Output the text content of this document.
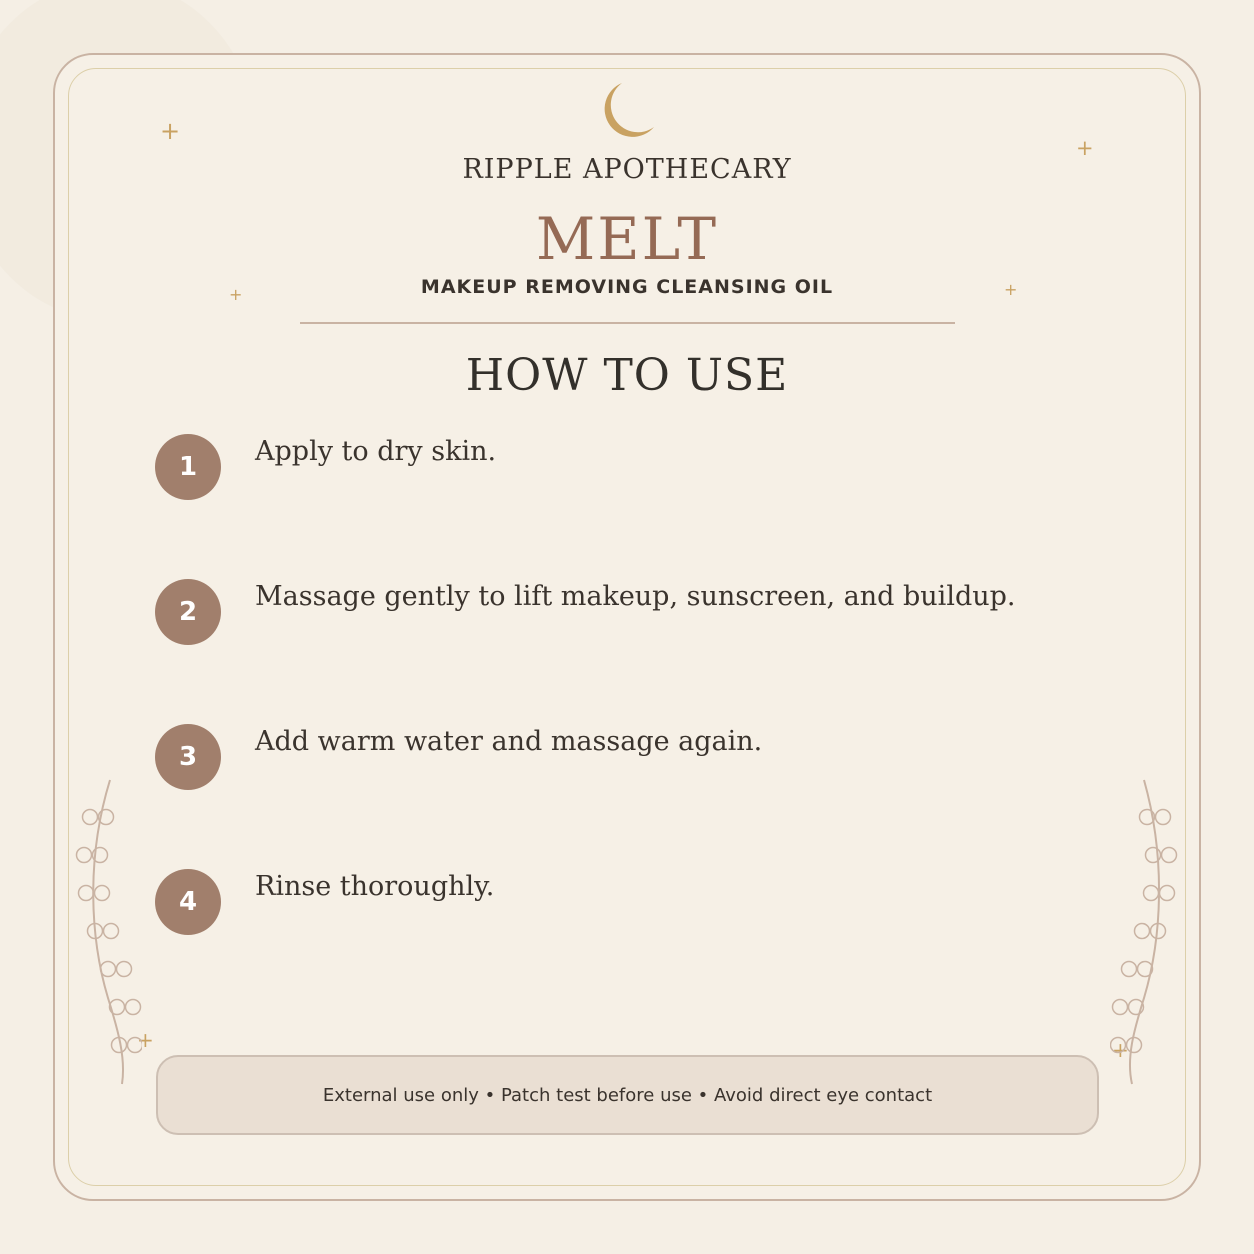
+
+
+	+
+	+
RIPPLE APOTHECARY
MELT
MAKEUP REMOVING CLEANSING OIL
HOW TO USE
1	Apply to dry skin.
2	Massage gently to lift makeup, sunscreen, and buildup.
3	Add warm water and massage again.
4	Rinse thoroughly.
External use only • Patch test before use • Avoid direct eye contact
